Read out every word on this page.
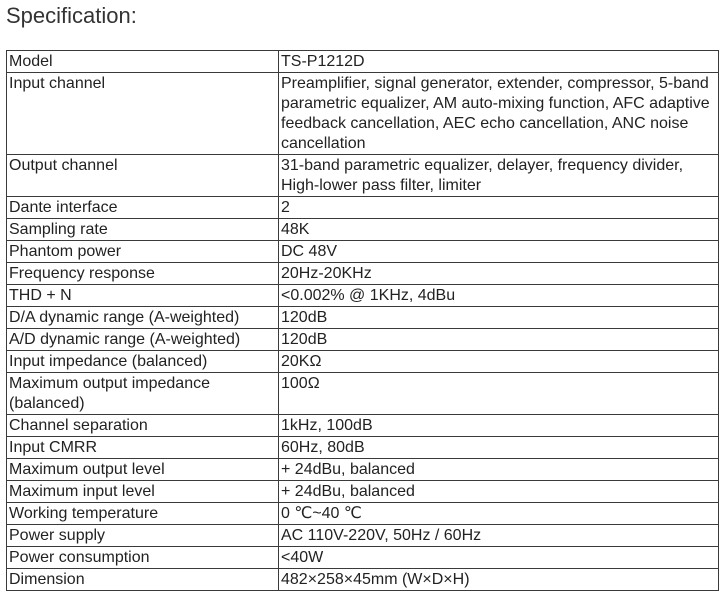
Specification:
Model	TS-P1212D
Input channel	Preamplifier, signal generator, extender, compressor, 5-band parametric equalizer, AM auto-mixing function, AFC adaptive feedback cancellation, AEC echo cancellation, ANC noise cancellation
Output channel	31-band parametric equalizer, delayer, frequency divider, High-lower pass filter, limiter
Dante interface	2
Sampling rate	48K
Phantom power	DC 48V
Frequency response	20Hz-20KHz
THD + N	<0.002% @ 1KHz, 4dBu
D/A dynamic range (A-weighted)	120dB
A/D dynamic range (A-weighted)	120dB
Input impedance (balanced)	20KΩ
Maximum output impedance (balanced)	100Ω
Channel separation	1kHz, 100dB
Input CMRR	60Hz, 80dB
Maximum output level	+ 24dBu, balanced
Maximum input level	+ 24dBu, balanced
Working temperature	0 ℃~40 ℃
Power supply	AC 110V-220V, 50Hz / 60Hz
Power consumption	<40W
Dimension	482×258×45mm (W×D×H)
